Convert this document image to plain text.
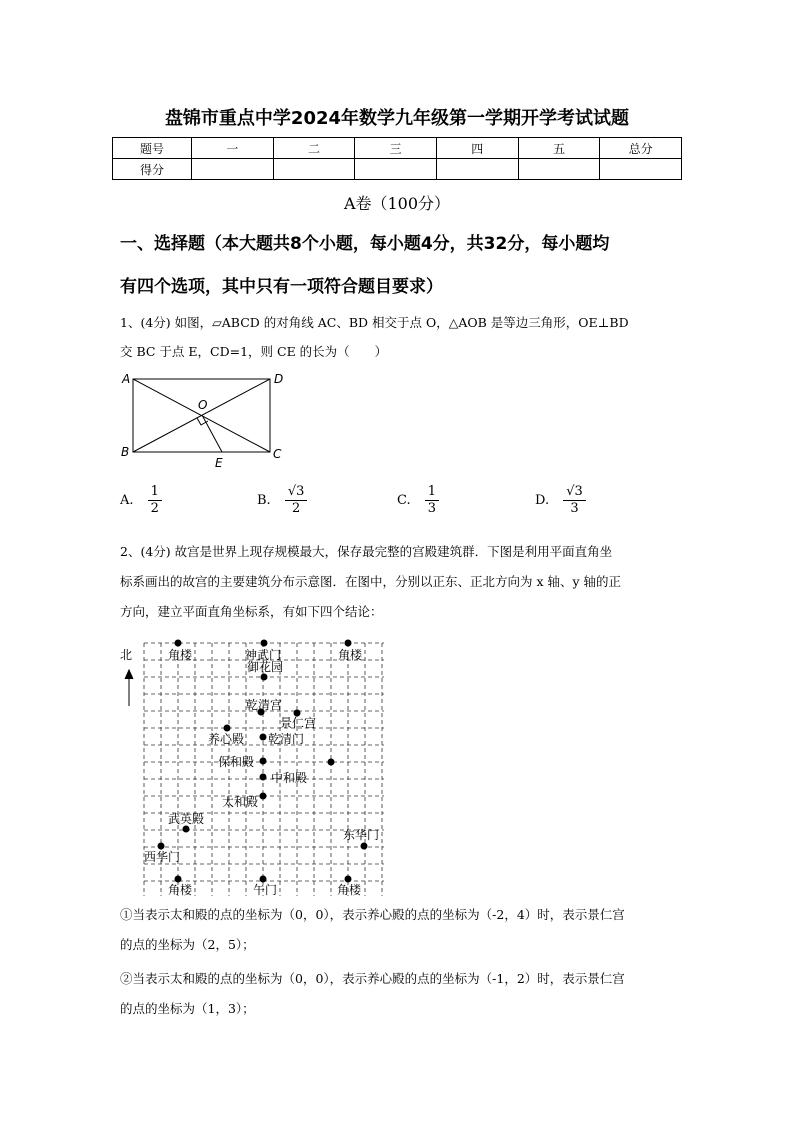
盘锦市重点中学2024年数学九年级第一学期开学考试试题
题号	一	二	三	四	五	总分
得分						
A卷（100分）
一、选择题（本大题共8个小题，每小题4分，共32分，每小题均
有四个选项，其中只有一项符合题目要求）
1、(4分) 如图，▱ABCD 的对角线 AC、BD 相交于点 O，△AOB 是等边三角形，OE⊥BD
交 BC 于点 E，CD=1，则 CE 的长为（　　）
A	D
O
B	C
E
A. $\frac{1}{2}$	B. $\frac{√3}{2}$	C. $\frac{1}{3}$	D. $\frac{√3}{3}$
2、(4分) 故宫是世界上现存规模最大，保存最完整的宫殿建筑群．下图是利用平面直角坐
标系画出的故宫的主要建筑分布示意图．在图中，分别以正东、正北方向为 x 轴、y 轴的正
方向，建立平面直角坐标系，有如下四个结论：
北	角楼	神武门	角楼
御花园
乾清宫
景仁宫
养心殿 乾清门
保和殿
中和殿
太和殿
武英殿
东华门
西华门
角楼	午门	角楼
①当表示太和殿的点的坐标为（0，0），表示养心殿的点的坐标为（-2，4）时，表示景仁宫
的点的坐标为（2，5）；
②当表示太和殿的点的坐标为（0，0），表示养心殿的点的坐标为（-1，2）时，表示景仁宫
的点的坐标为（1，3）；
